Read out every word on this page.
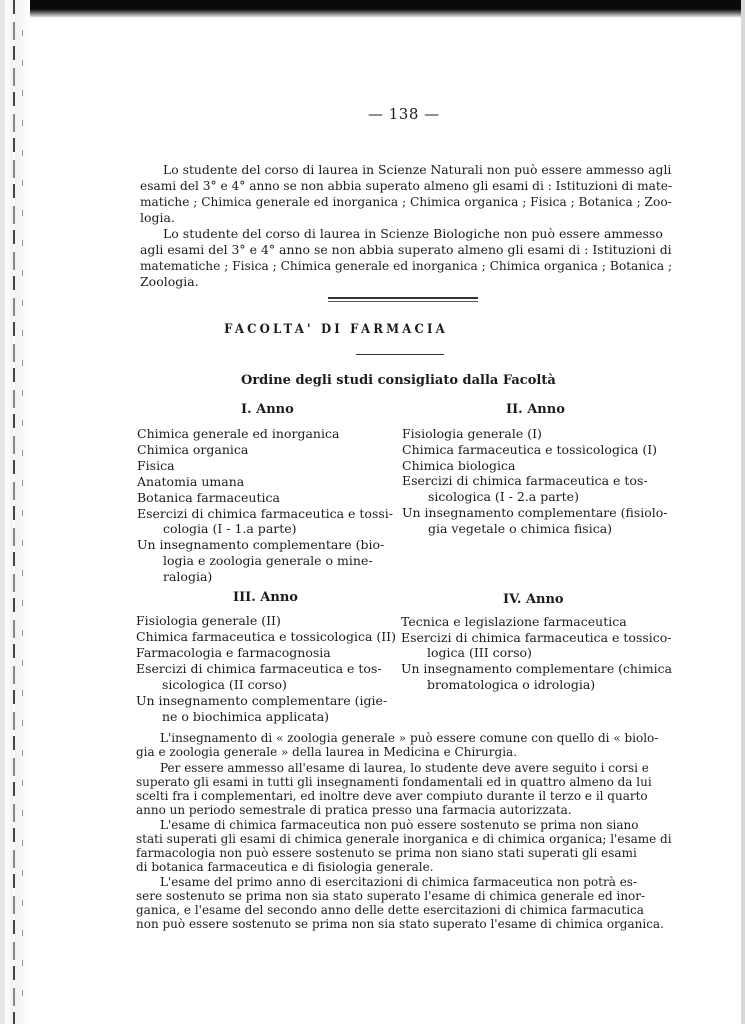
— 138 —
Lo studente del corso di laurea in Scienze Naturali non può essere ammesso agli
esami del 3° e 4° anno se non abbia superato almeno gli esami di : Istituzioni di mate-
matiche ; Chimica generale ed inorganica ; Chimica organica ; Fisica ; Botanica ; Zoo-
logia.
Lo studente del corso di laurea in Scienze Biologiche non può essere ammesso
agli esami del 3° e 4° anno se non abbia superato almeno gli esami di : Istituzioni di
matematiche ; Fisica ; Chimica generale ed inorganica ; Chimica organica ; Botanica ;
Zoologia.
FACOLTA' DI FARMACIA
Ordine degli studi consigliato dalla Facoltà
I. Anno
Chimica generale ed inorganica
Chimica organica
Fisica
Anatomia umana
Botanica farmaceutica
Esercizi di chimica farmaceutica e tossi-
cologia (I - 1.a parte)
Un insegnamento complementare (bio-
logia e zoologia generale o mine-
ralogia)
II. Anno
Fisiologia generale (I)
Chimica farmaceutica e tossicologica (I)
Chimica biologica
Esercizi di chimica farmaceutica e tos-
sicologica (I - 2.a parte)
Un insegnamento complementare (fisiolo-
gia vegetale o chimica fisica)
III. Anno
Fisiologia generale (II)
Chimica farmaceutica e tossicologica (II)
Farmacologia e farmacognosia
Esercizi di chimica farmaceutica e tos-
sicologica (II corso)
Un insegnamento complementare (igie-
ne o biochimica applicata)
IV. Anno
Tecnica e legislazione farmaceutica
Esercizi di chimica farmaceutica e tossico-
logica (III corso)
Un insegnamento complementare (chimica
bromatologica o idrologia)
L'insegnamento di « zoologia generale » può essere comune con quello di « biolo-
gia e zoologia generale » della laurea in Medicina e Chirurgia.
Per essere ammesso all'esame di laurea, lo studente deve avere seguito i corsi e
superato gli esami in tutti gli insegnamenti fondamentali ed in quattro almeno da lui
scelti fra i complementari, ed inoltre deve aver compiuto durante il terzo e il quarto
anno un periodo semestrale di pratica presso una farmacia autorizzata.
L'esame di chimica farmaceutica non può essere sostenuto se prima non siano
stati superati gli esami di chimica generale inorganica e di chimica organica; l'esame di
farmacologia non può essere sostenuto se prima non siano stati superati gli esami
di botanica farmaceutica e di fisiologia generale.
L'esame del primo anno di esercitazioni di chimica farmaceutica non potrà es-
sere sostenuto se prima non sia stato superato l'esame di chimica generale ed inor-
ganica, e l'esame del secondo anno delle dette esercitazioni di chimica farmacutica
non può essere sostenuto se prima non sia stato superato l'esame di chimica organica.
